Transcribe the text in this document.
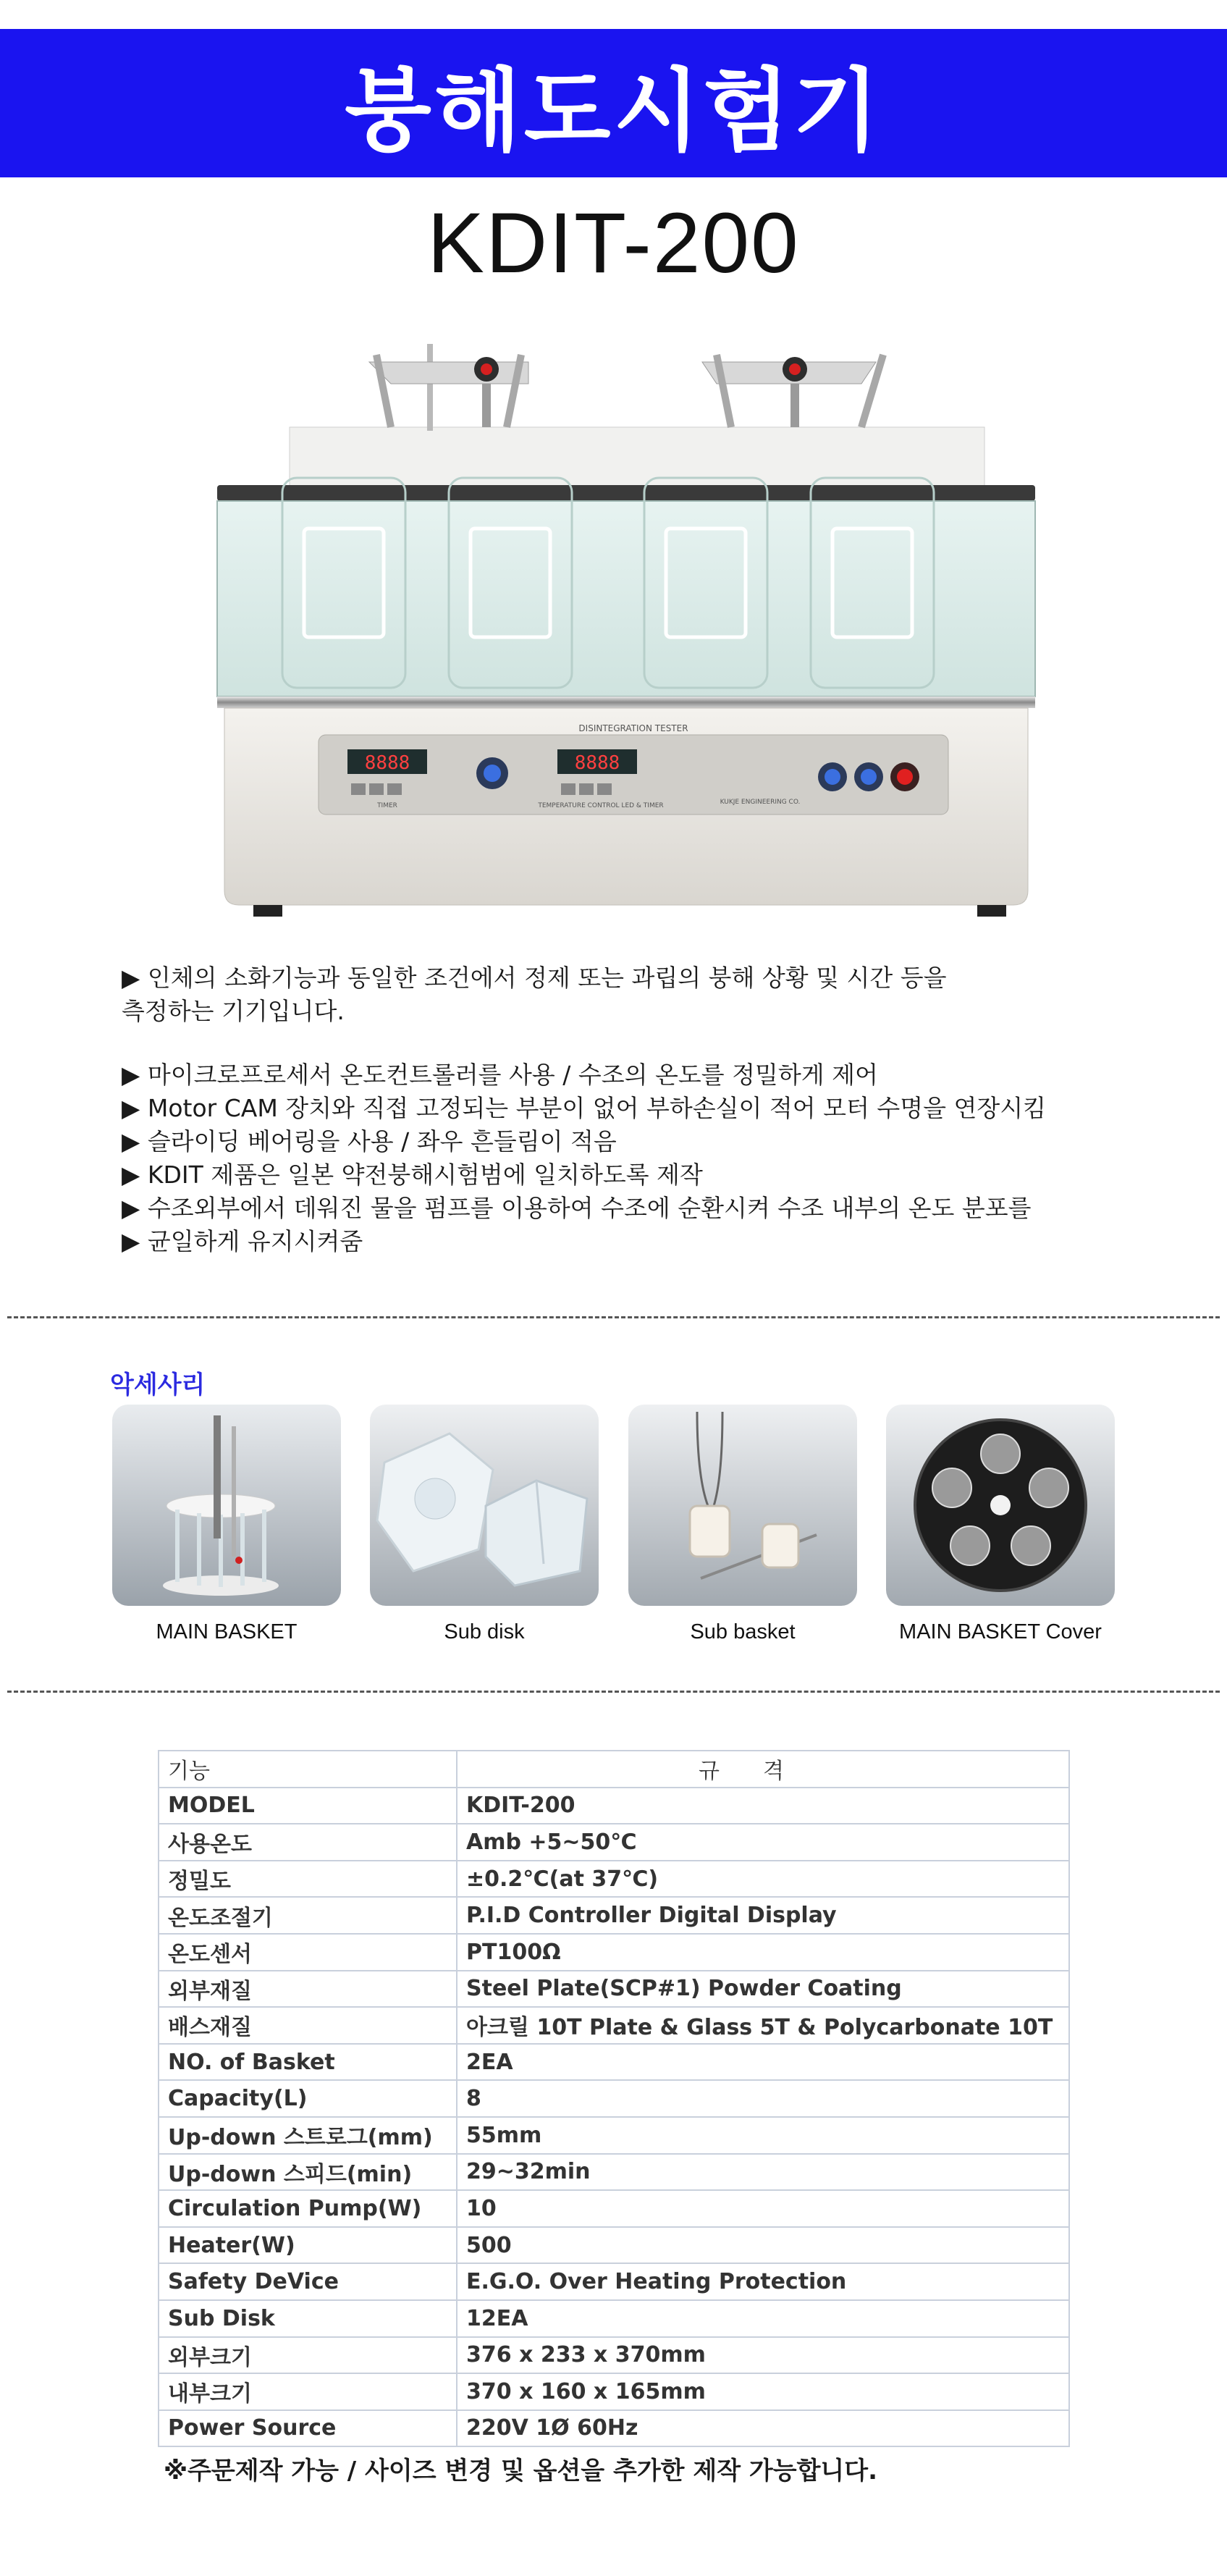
붕해도시험기
KDIT-200
DISINTEGRATION TESTER
8888	8888
TIMER	TEMPERATURE CONTROL LED & TIMER	KUKJE ENGINEERING CO.
▶ 인체의 소화기능과 동일한 조건에서 정제 또는 과립의 붕해 상황 및 시간 등을
측정하는 기기입니다.
▶ 마이크로프로세서 온도컨트롤러를 사용 / 수조의 온도를 정밀하게 제어
▶ Motor CAM 장치와 직접 고정되는 부분이 없어 부하손실이 적어 모터 수명을 연장시킴
▶ 슬라이딩 베어링을 사용 / 좌우 흔들림이 적음
▶ KDIT 제품은 일본 약전붕해시험범에 일치하도록 제작
▶ 수조외부에서 데워진 물을 펌프를 이용하여 수조에 순환시켜 수조 내부의 온도 분포를
▶ 균일하게 유지시켜줌
악세사리
MAIN BASKET	Sub disk	Sub basket	MAIN BASKET Cover
기능	규격
MODEL	KDIT-200
사용온도	Amb +5~50℃
정밀도	±0.2℃(at 37℃)
온도조절기	P.I.D Controller Digital Display
온도센서	PT100Ω
외부재질	Steel Plate(SCP#1) Powder Coating
배스재질	아크릴 10T Plate & Glass 5T & Polycarbonate 10T
NO. of Basket	2EA
Capacity(L)	8
Up-down 스트로그(mm)	55mm
Up-down 스피드(min)	29~32min
Circulation Pump(W)	10
Heater(W)	500
Safety DeVice	E.G.O. Over Heating Protection
Sub Disk	12EA
외부크기	376 x 233 x 370mm
내부크기	370 x 160 x 165mm
Power Source	220V 1Ø 60Hz
※주문제작 가능 / 사이즈 변경 및 옵션을 추가한 제작 가능합니다.
